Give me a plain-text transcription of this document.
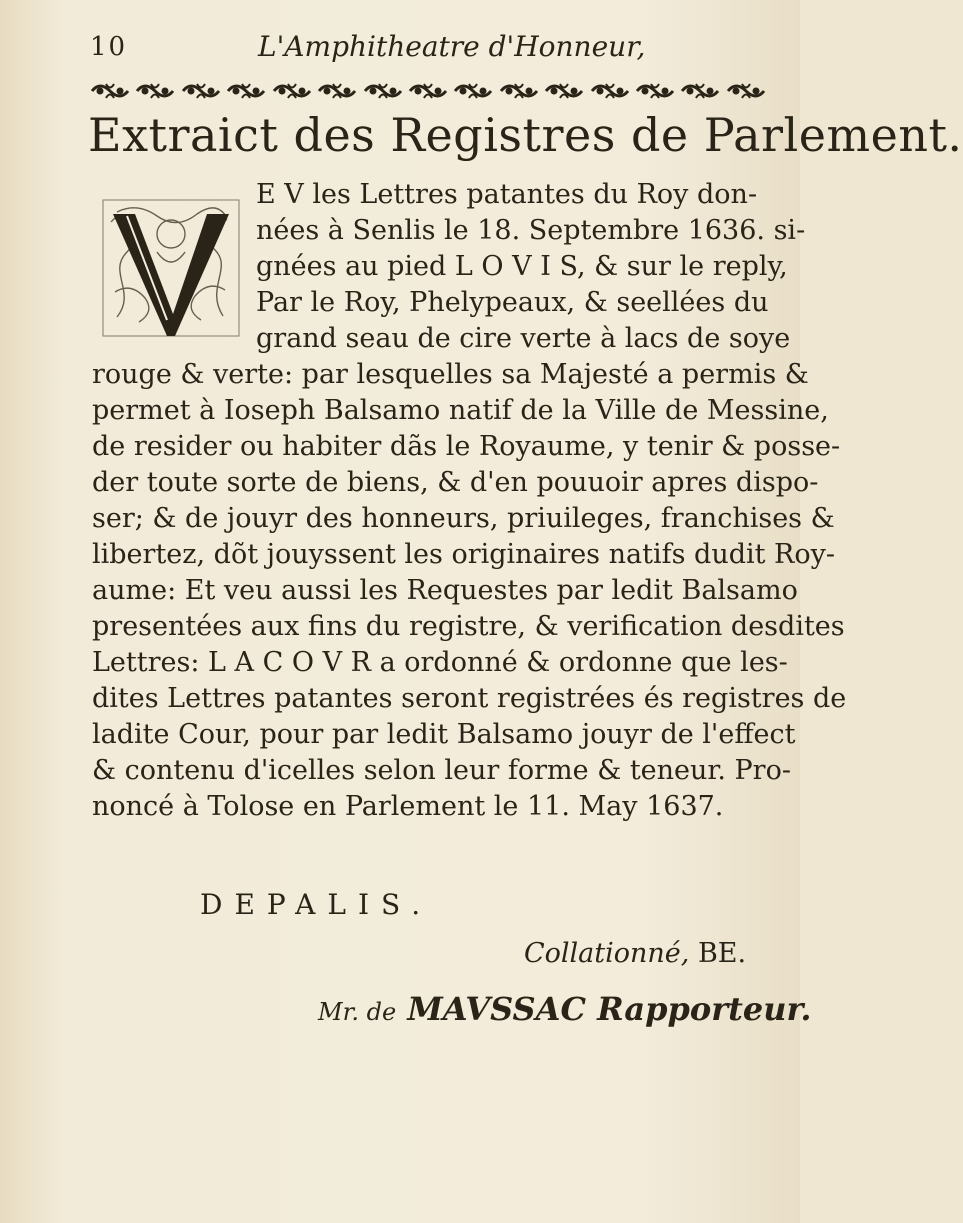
10	L'Amphitheatre d'Honneur,
Extraict des Registres de Parlement.
E V les Lettres patantes du Roy don-
nées à Senlis le 18. Septembre 1636. si-
gnées au pied L O V I S, & sur le reply,
Par le Roy, Phelypeaux, & seellées du
grand seau de cire verte à lacs de soye
rouge & verte: par lesquelles sa Majesté a permis &
permet à Ioseph Balsamo natif de la Ville de Messine,
de resider ou habiter dãs le Royaume, y tenir & posse-
der toute sorte de biens, & d'en pouuoir apres dispo-
ser; & de jouyr des honneurs, priuileges, franchises &
libertez, dõt jouyssent les originaires natifs dudit Roy-
aume: Et veu aussi les Requestes par ledit Balsamo
presentées aux fins du registre, & verification desdites
Lettres: L A C O V R a ordonné & ordonne que les-
dites Lettres patantes seront registrées és registres de
ladite Cour, pour par ledit Balsamo jouyr de l'effect
& contenu d'icelles selon leur forme & teneur. Pro-
noncé à Tolose en Parlement le 11. May 1637.
DEPALIS.
Collationné, BE.
Mr. de MAVSSAC Rapporteur.
